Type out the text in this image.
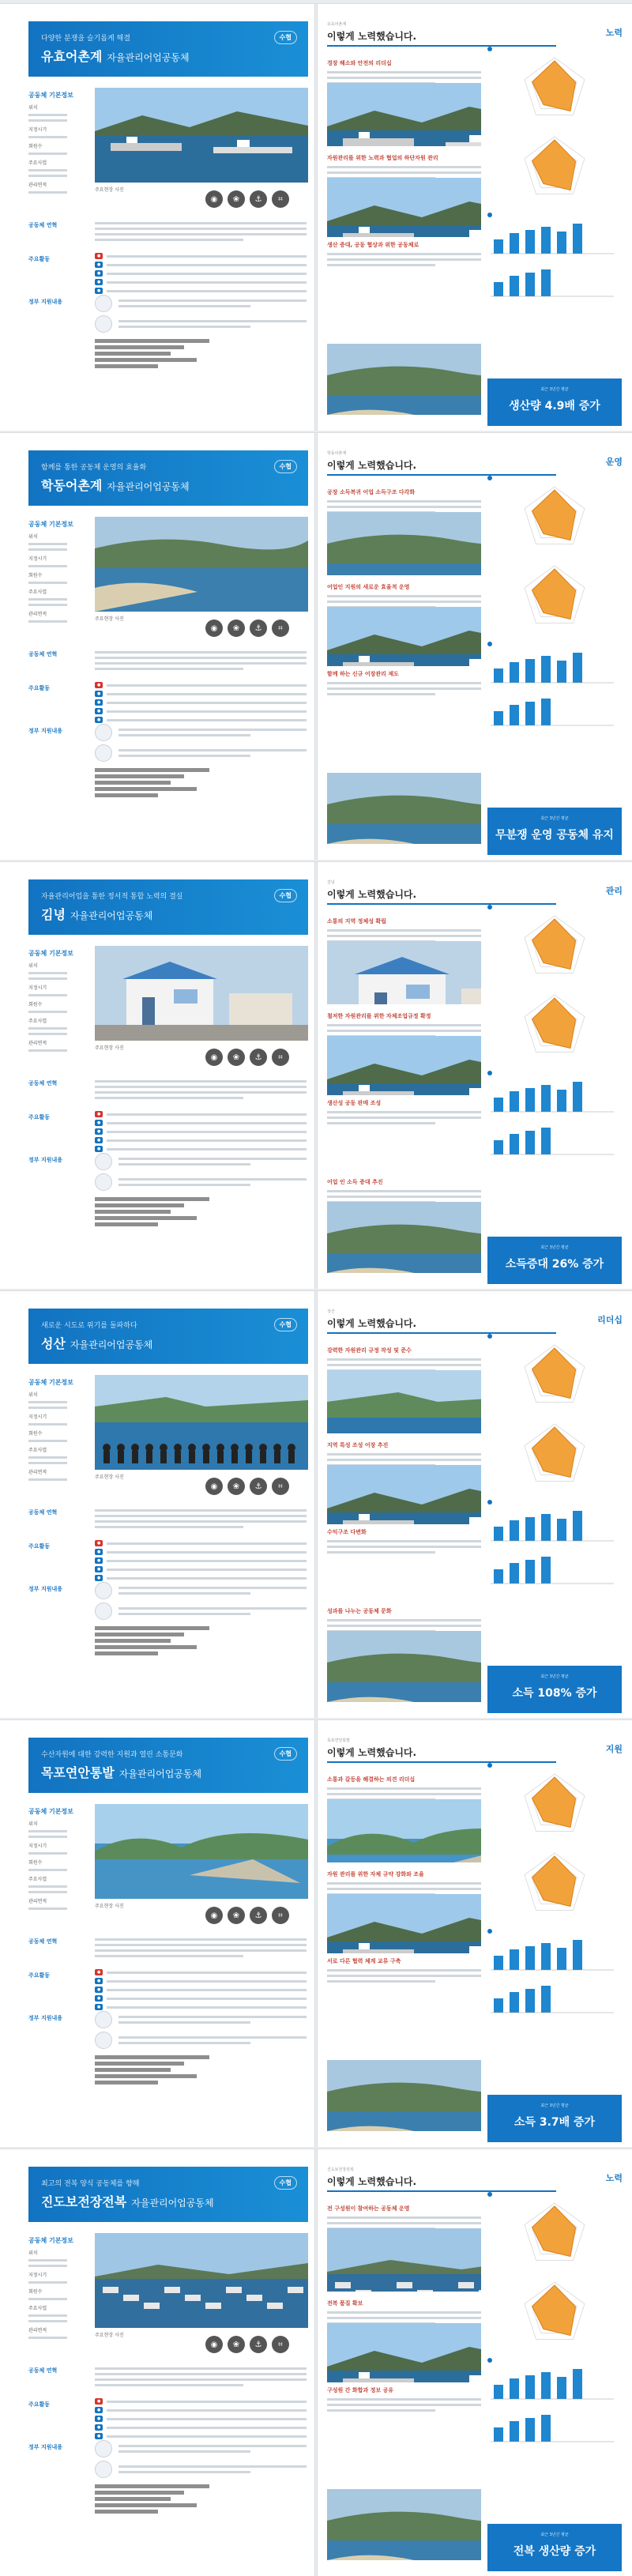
다양한 분쟁을 슬기롭게 해결
유효어촌계 자율관리어업공동체
수협
공동체 기본정보
위치
지정시기
회원수
주요사업
관리면적
주요현장 사진
◉	❀	⚓	⌗
공동체 연혁
주요활동	●
●
●
●
●
정부 지원내용
유효어촌계
이렇게 노력했습니다.	노력
경장 해소와 안전의 리더십
자원관리를 위한 노력과 협업의 하단자원 관리
생산 증대, 공동 협상과 위한 공동체로
최근 3년간 평균
생산량 4.9배 증가
함께를 통한 공동체 운영의 효율화
학동어촌계 자율관리어업공동체
수협
공동체 기본정보
위치
지정시기
회원수
주요사업
관리면적
주요현장 사진
◉	❀	⚓	⌗
공동체 연혁
주요활동	●
●
●
●
●
정부 지원내용
학동어촌계
이렇게 노력했습니다.	운영
공장 소득복귀 어업 소득구조 다각화
어업인 지원의 새로운 효율적 운영
함께 하는 신규 어장관리 제도
최근 3년간 평균
무분쟁 운영 공동체 유지
자율관리어업을 통한 정서적 통합 노력의 결실
김녕 자율관리어업공동체
수협
공동체 기본정보
위치
지정시기
회원수
주요사업
관리면적
주요현장 사진
◉	❀	⚓	⌗
공동체 연혁
주요활동	●
●
●
●
●
정부 지원내용
김녕
이렇게 노력했습니다.	관리
소통의 지역 정체성 확립
철저한 자원관리를 위한 자체조업규정 확정
생산성 공동 판매 조성
어업 인 소득 증대 추진
최근 3년간 평균
소득증대 26% 증가
새로운 시도로 위기를 돌파하다
성산 자율관리어업공동체
수협
공동체 기본정보
위치
지정시기
회원수
주요사업
관리면적
주요현장 사진
◉	❀	⚓	⌗
공동체 연혁
주요활동	●
●
●
●
●
정부 지원내용
성산
이렇게 노력했습니다.	리더십
강력한 자원관리 규정 작성 및 준수
지역 특성 조성 어장 추진
수익구조 다변화
성과를 나누는 공동체 문화
최근 3년간 평균
소득 108% 증가
수산자원에 대한 강력한 지원과 열린 소통문화
목포연안통발 자율관리어업공동체
수협
공동체 기본정보
위치
지정시기
회원수
주요사업
관리면적
주요현장 사진
◉	❀	⚓	⌗
공동체 연혁
주요활동	●
●
●
●
●
정부 지원내용
목포연안통발
이렇게 노력했습니다.	지원
소통과 갈등을 해결하는 의견 리더십
자원 관리를 위한 자체 규약 강화와 조율
서로 다른 협력 체계 교류 구축
최근 3년간 평균
소득 3.7배 증가
최고의 전복 양식 공동체를 향해
진도보전장전복 자율관리어업공동체
수협
공동체 기본정보
위치
지정시기
회원수
주요사업
관리면적
주요현장 사진
◉	❀	⚓	⌗
공동체 연혁
주요활동	●
●
●
●
●
정부 지원내용
진도보전장전복
이렇게 노력했습니다.	노력
전 구성원이 참여하는 공동체 운영
전복 품질 확보
구성원 간 화합과 정보 공유
최근 3년간 평균
전복 생산량 증가
